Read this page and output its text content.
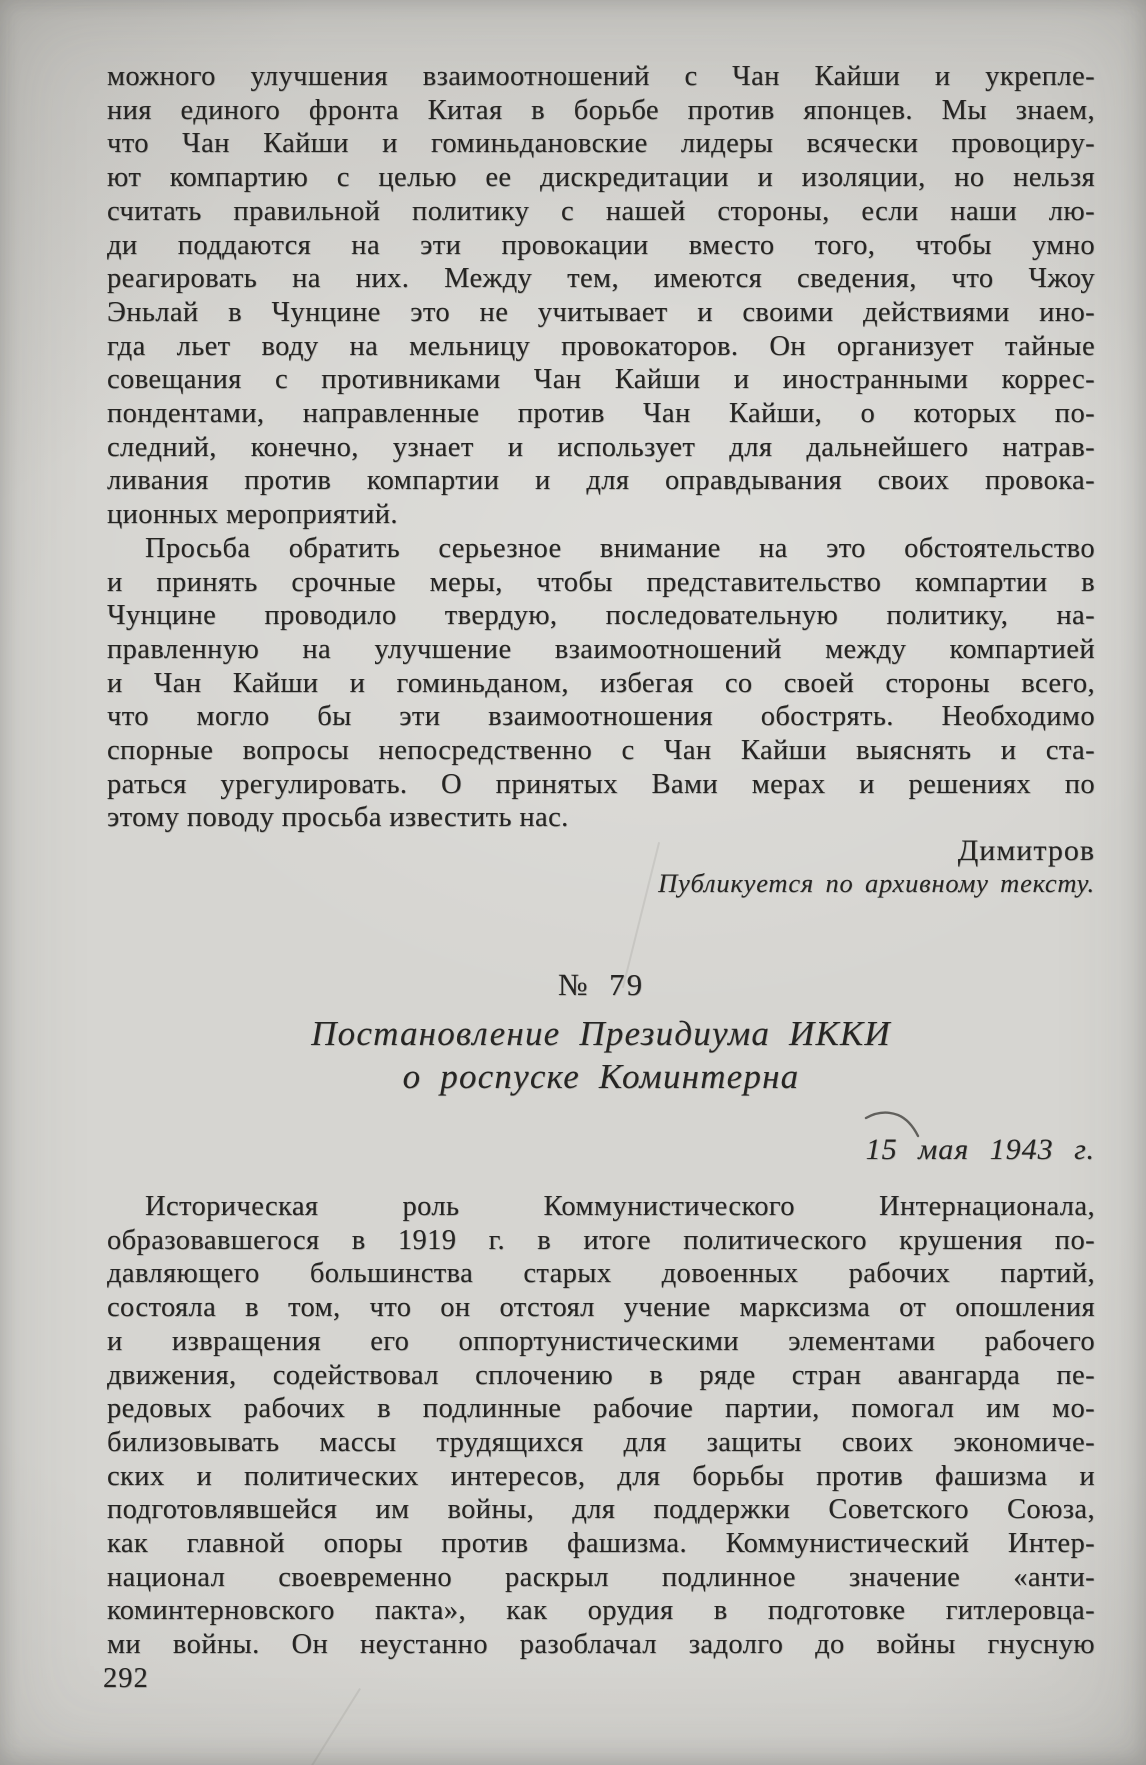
можного улучшения взаимоотношений с Чан Кайши и укрепле-
ния единого фронта Китая в борьбе против японцев. Мы знаем,
что Чан Кайши и гоминьдановские лидеры всячески провоциру-
ют компартию с целью ее дискредитации и изоляции, но нельзя
считать правильной политику с нашей стороны, если наши лю-
ди поддаются на эти провокации вместо того, чтобы умно
реагировать на них. Между тем, имеются сведения, что Чжоу
Эньлай в Чунцине это не учитывает и своими действиями ино-
гда льет воду на мельницу провокаторов. Он организует тайные
совещания с противниками Чан Кайши и иностранными коррес-
пондентами, направленные против Чан Кайши, о которых по-
следний, конечно, узнает и использует для дальнейшего натрав-
ливания против компартии и для оправдывания своих провока-
ционных мероприятий.
Просьба обратить серьезное внимание на это обстоятельство
и принять срочные меры, чтобы представительство компартии в
Чунцине проводило твердую, последовательную политику, на-
правленную на улучшение взаимоотношений между компартией
и Чан Кайши и гоминьданом, избегая со своей стороны всего,
что могло бы эти взаимоотношения обострять. Необходимо
спорные вопросы непосредственно с Чан Кайши выяснять и ста-
раться урегулировать. О принятых Вами мерах и решениях по
этому поводу просьба известить нас.
Димитров
Публикуется по архивному тексту.
№ 79
Постановление Президиума ИККИ
о роспуске Коминтерна
15 мая 1943 г.
Историческая роль Коммунистического Интернационала,
образовавшегося в 1919 г. в итоге политического крушения по-
давляющего большинства старых довоенных рабочих партий,
состояла в том, что он отстоял учение марксизма от опошления
и извращения его оппортунистическими элементами рабочего
движения, содействовал сплочению в ряде стран авангарда пе-
редовых рабочих в подлинные рабочие партии, помогал им мо-
билизовывать массы трудящихся для защиты своих экономиче-
ских и политических интересов, для борьбы против фашизма и
подготовлявшейся им войны, для поддержки Советского Союза,
как главной опоры против фашизма. Коммунистический Интер-
национал своевременно раскрыл подлинное значение «анти-
коминтерновского пакта», как орудия в подготовке гитлеровца-
ми войны. Он неустанно разоблачал задолго до войны гнусную
292
